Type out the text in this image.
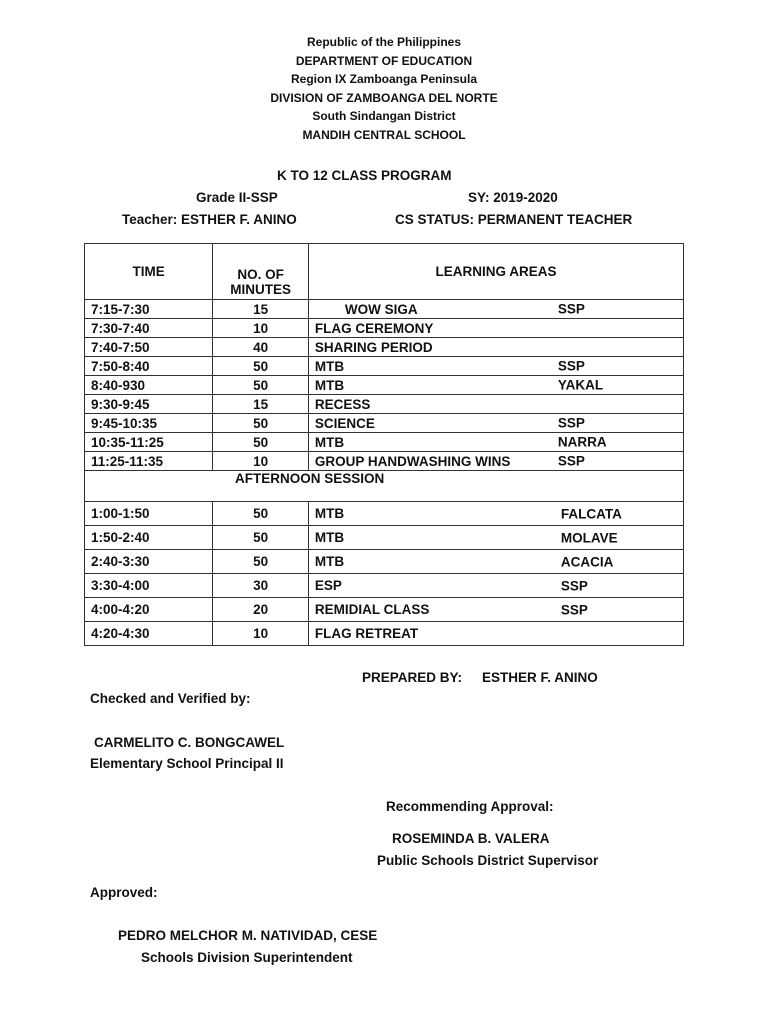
Republic of the Philippines
DEPARTMENT OF EDUCATION
Region IX Zamboanga Peninsula
DIVISION OF ZAMBOANGA DEL NORTE
South Sindangan District
MANDIH CENTRAL SCHOOL
K TO 12 CLASS PROGRAM
Grade II-SSP	SY: 2019-2020
Teacher: ESTHER F. ANINO	CS STATUS: PERMANENT TEACHER
TIME	NO. OF MINUTES	LEARNING AREAS
7:15-7:30	15	WOW SIGA SSP

7:30-7:40	10	FLAG CEREMONY

7:40-7:50	40	SHARING PERIOD

7:50-8:40	50	MTB SSP

8:40-930	50	MTB YAKAL

9:30-9:45	15	RECESS

9:45-10:35	50	SCIENCE SSP

10:35-11:25	50	MTB NARRA

11:25-11:35	10	GROUP HANDWASHING WINS SSP

AFTERNOON SESSION		

1:00-1:50	50	MTB FALCATA

1:50-2:40	50	MTB MOLAVE

2:40-3:30	50	MTB ACACIA

3:30-4:00	30	ESP SSP

4:00-4:20	20	REMIDIAL CLASS SSP

4:20-4:30	10	FLAG RETREAT
PREPARED BY: ESTHER F. ANINO
Checked and Verified by:
CARMELITO C. BONGCAWEL
Elementary School Principal II
Recommending Approval:
ROSEMINDA B. VALERA
Public Schools District Supervisor
Approved:
PEDRO MELCHOR M. NATIVIDAD, CESE
Schools Division Superintendent
